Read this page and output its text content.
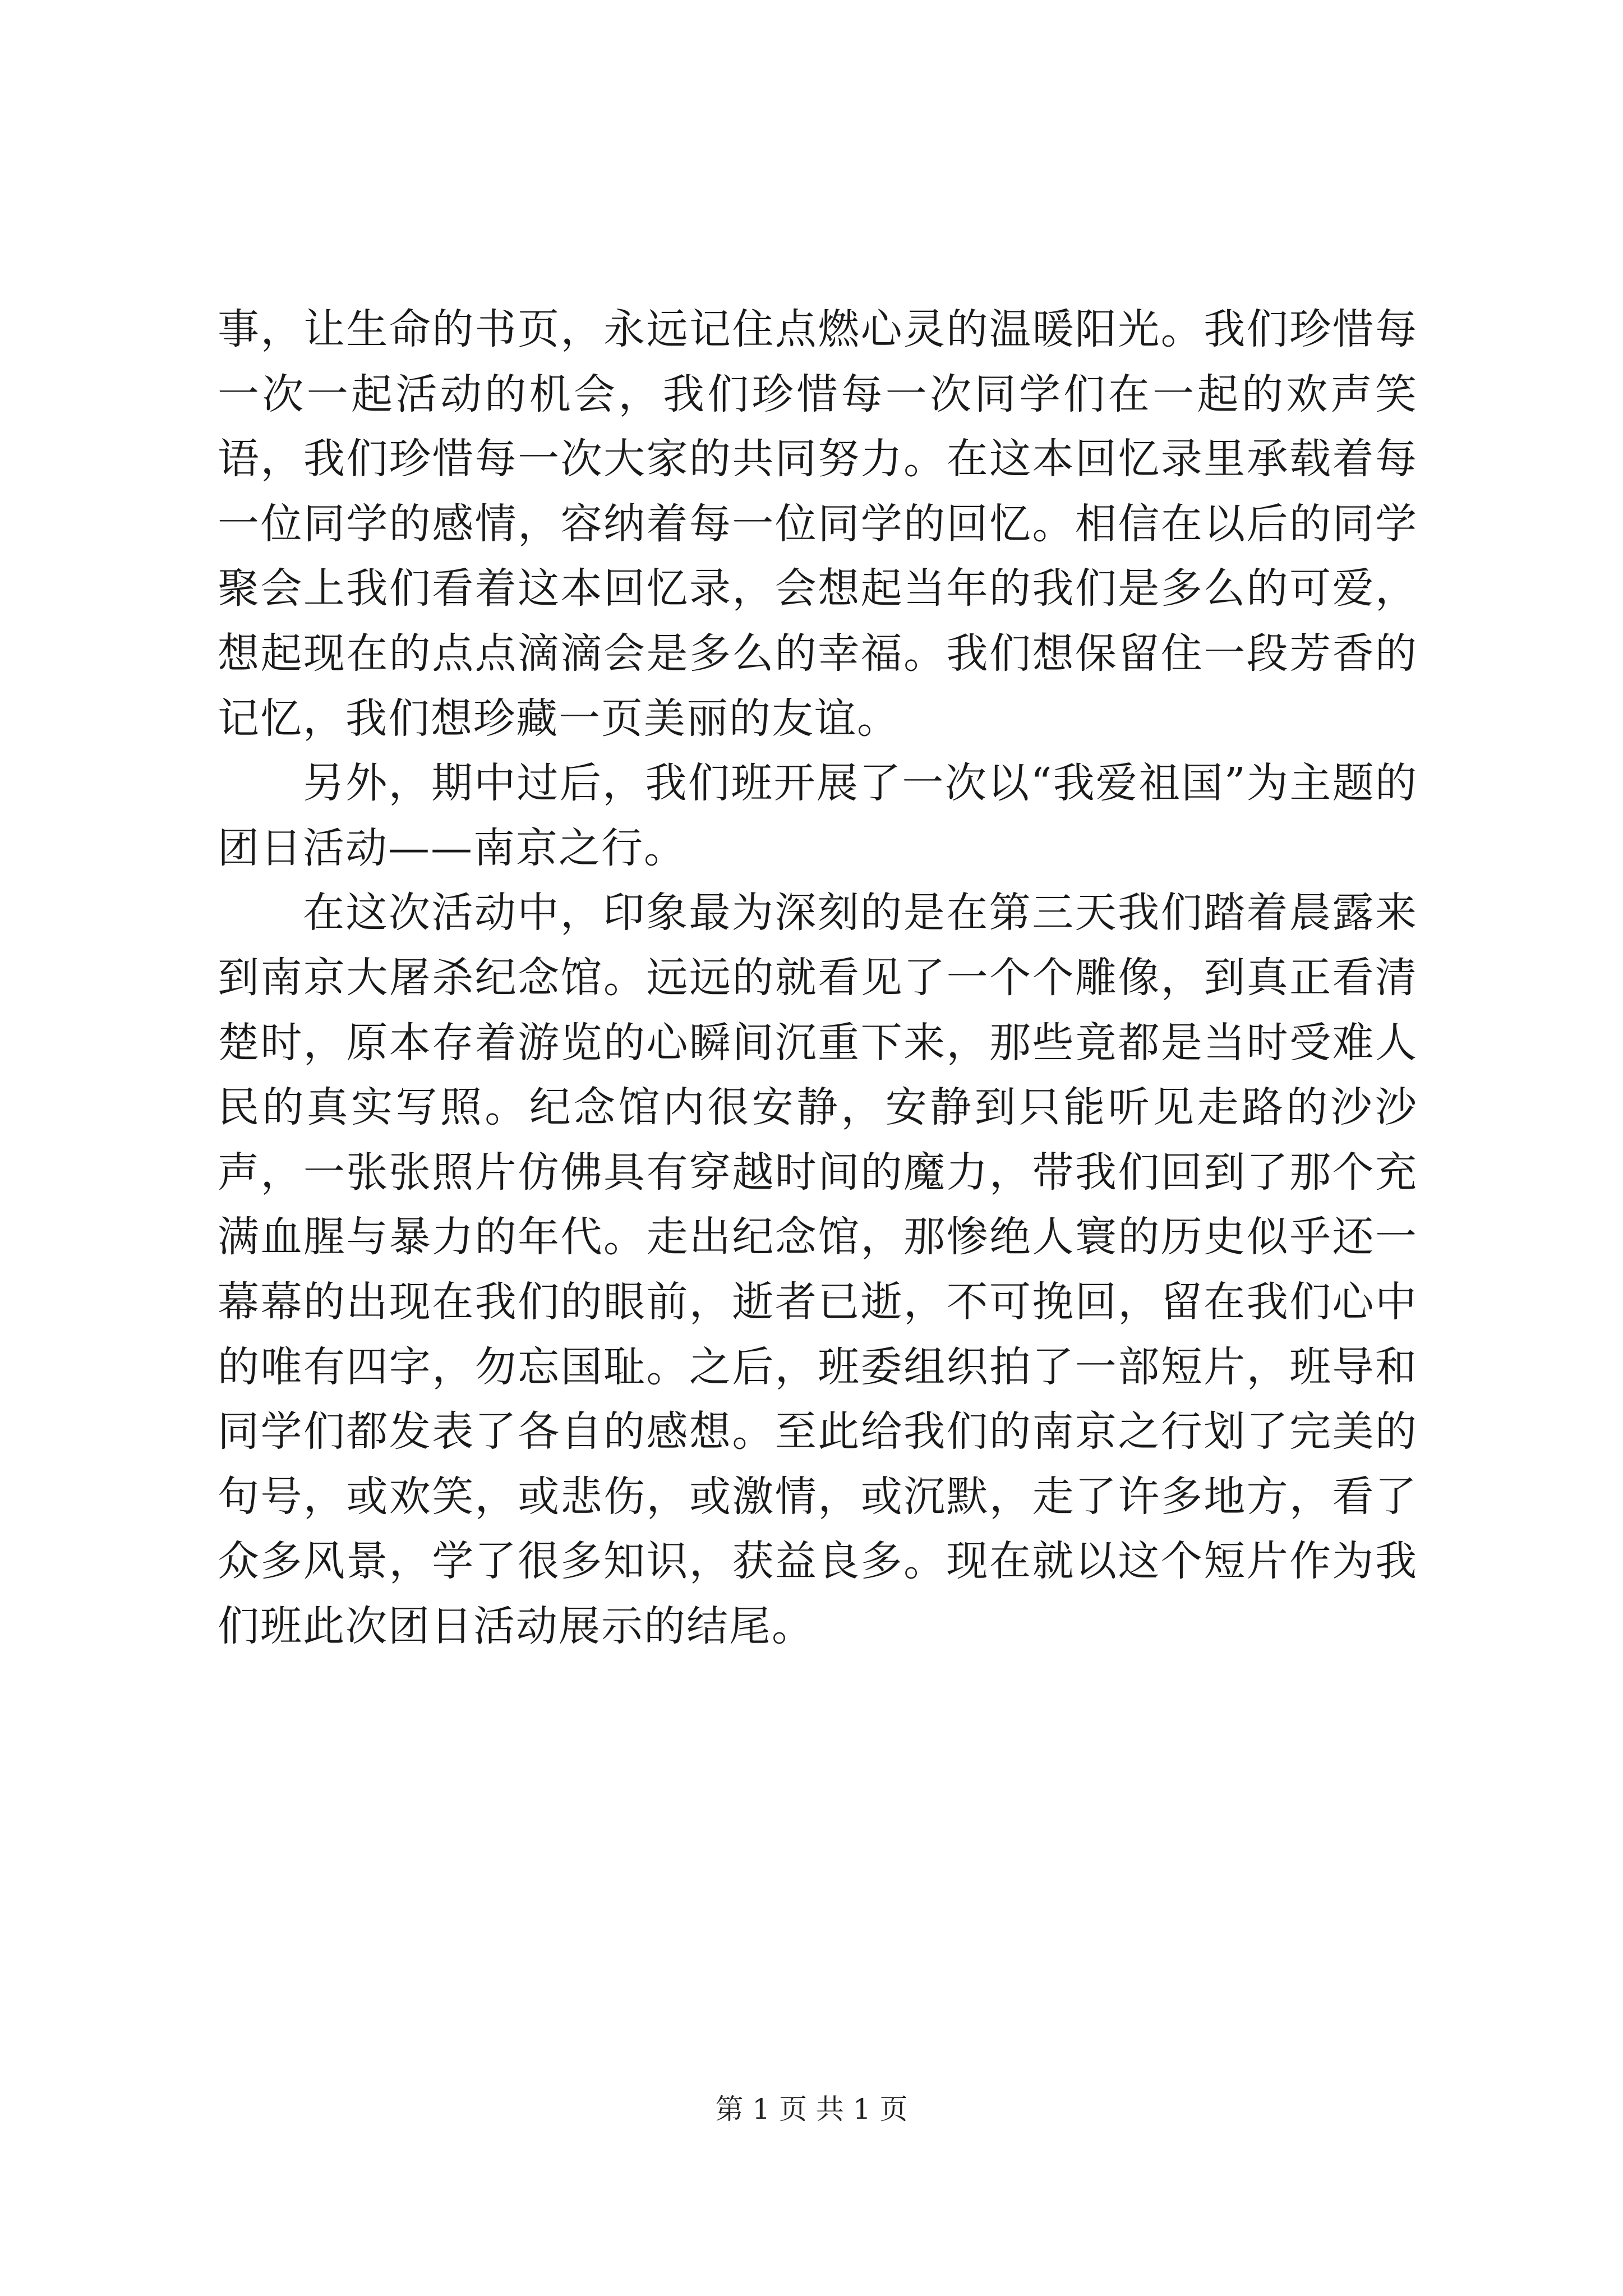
事，让生命的书页，永远记住点燃心灵的温暖阳光。我们珍惜每一次一起活动的机会，我们珍惜每一次同学们在一起的欢声笑语，我们珍惜每一次大家的共同努力。在这本回忆录里承载着每一位同学的感情，容纳着每一位同学的回忆。相信在以后的同学聚会上我们看着这本回忆录，会想起当年的我们是多么的可爱，想起现在的点点滴滴会是多么的幸福。我们想保留住一段芳香的记忆，我们想珍藏一页美丽的友谊。

另外，期中过后，我们班开展了一次以“我爱祖国”为主题的团日活动——南京之行。

在这次活动中，印象最为深刻的是在第三天我们踏着晨露来到南京大屠杀纪念馆。远远的就看见了一个个雕像，到真正看清楚时，原本存着游览的心瞬间沉重下来，那些竟都是当时受难人民的真实写照。纪念馆内很安静，安静到只能听见走路的沙沙声，一张张照片仿佛具有穿越时间的魔力，带我们回到了那个充满血腥与暴力的年代。走出纪念馆，那惨绝人寰的历史似乎还一幕幕的出现在我们的眼前，逝者已逝，不可挽回，留在我们心中的唯有四字，勿忘国耻。之后，班委组织拍了一部短片，班导和同学们都发表了各自的感想。至此给我们的南京之行划了完美的句号，或欢笑，或悲伤，或激情，或沉默，走了许多地方，看了众多风景，学了很多知识，获益良多。现在就以这个短片作为我们班此次团日活动展示的结尾。

第 1 页 共 1 页
